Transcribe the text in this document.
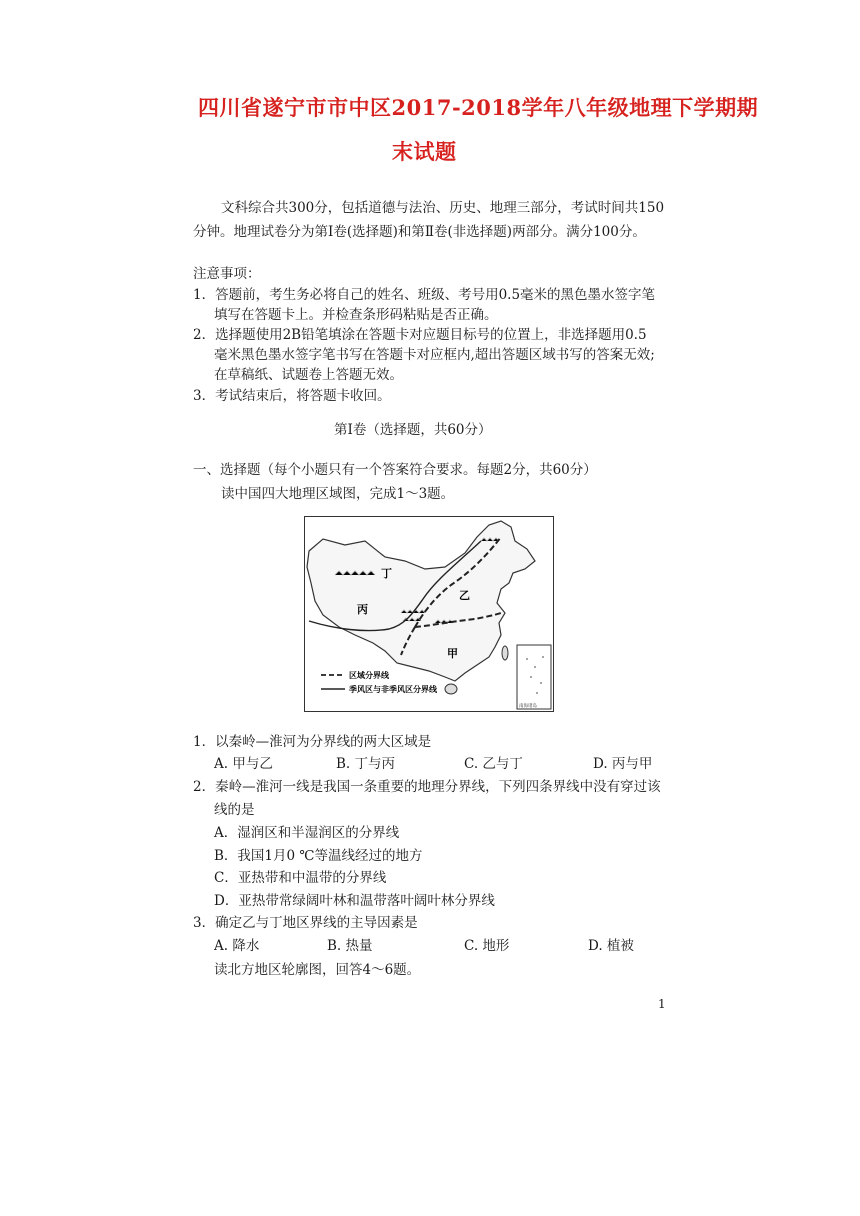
四川省遂宁市市中区2017-2018学年八年级地理下学期期
末试题
文科综合共300分，包括道德与法治、历史、地理三部分，考试时间共150
分钟。地理试卷分为第Ⅰ卷(选择题)和第Ⅱ卷(非选择题)两部分。满分100分。
注意事项：
1．答题前，考生务必将自己的姓名、班级、考号用0.5毫米的黑色墨水签字笔
填写在答题卡上。并检查条形码粘贴是否正确。
2．选择题使用2B铅笔填涂在答题卡对应题目标号的位置上，非选择题用0.5
毫米黑色墨水签字笔书写在答题卡对应框内,超出答题区域书写的答案无效;
在草稿纸、试题卷上答题无效。
3．考试结束后，将答题卡收回。
第Ⅰ卷（选择题，共60分）
一、选择题（每个小题只有一个答案符合要求。每题2分，共60分）
读中国四大地理区域图，完成1～3题。
丁
乙
丙
甲
区域分界线
季风区与非季风区分界线
南海诸岛
1．以秦岭—淮河为分界线的两大区域是
A. 甲与乙	B. 丁与丙	C. 乙与丁	D. 丙与甲
2．秦岭—淮河一线是我国一条重要的地理分界线，下列四条界线中没有穿过该
线的是
A．湿润区和半湿润区的分界线
B．我国1月0 ℃等温线经过的地方
C．亚热带和中温带的分界线
D．亚热带常绿阔叶林和温带落叶阔叶林分界线
3．确定乙与丁地区界线的主导因素是
A. 降水	B. 热量	C. 地形	D. 植被
读北方地区轮廓图，回答4～6题。
1
